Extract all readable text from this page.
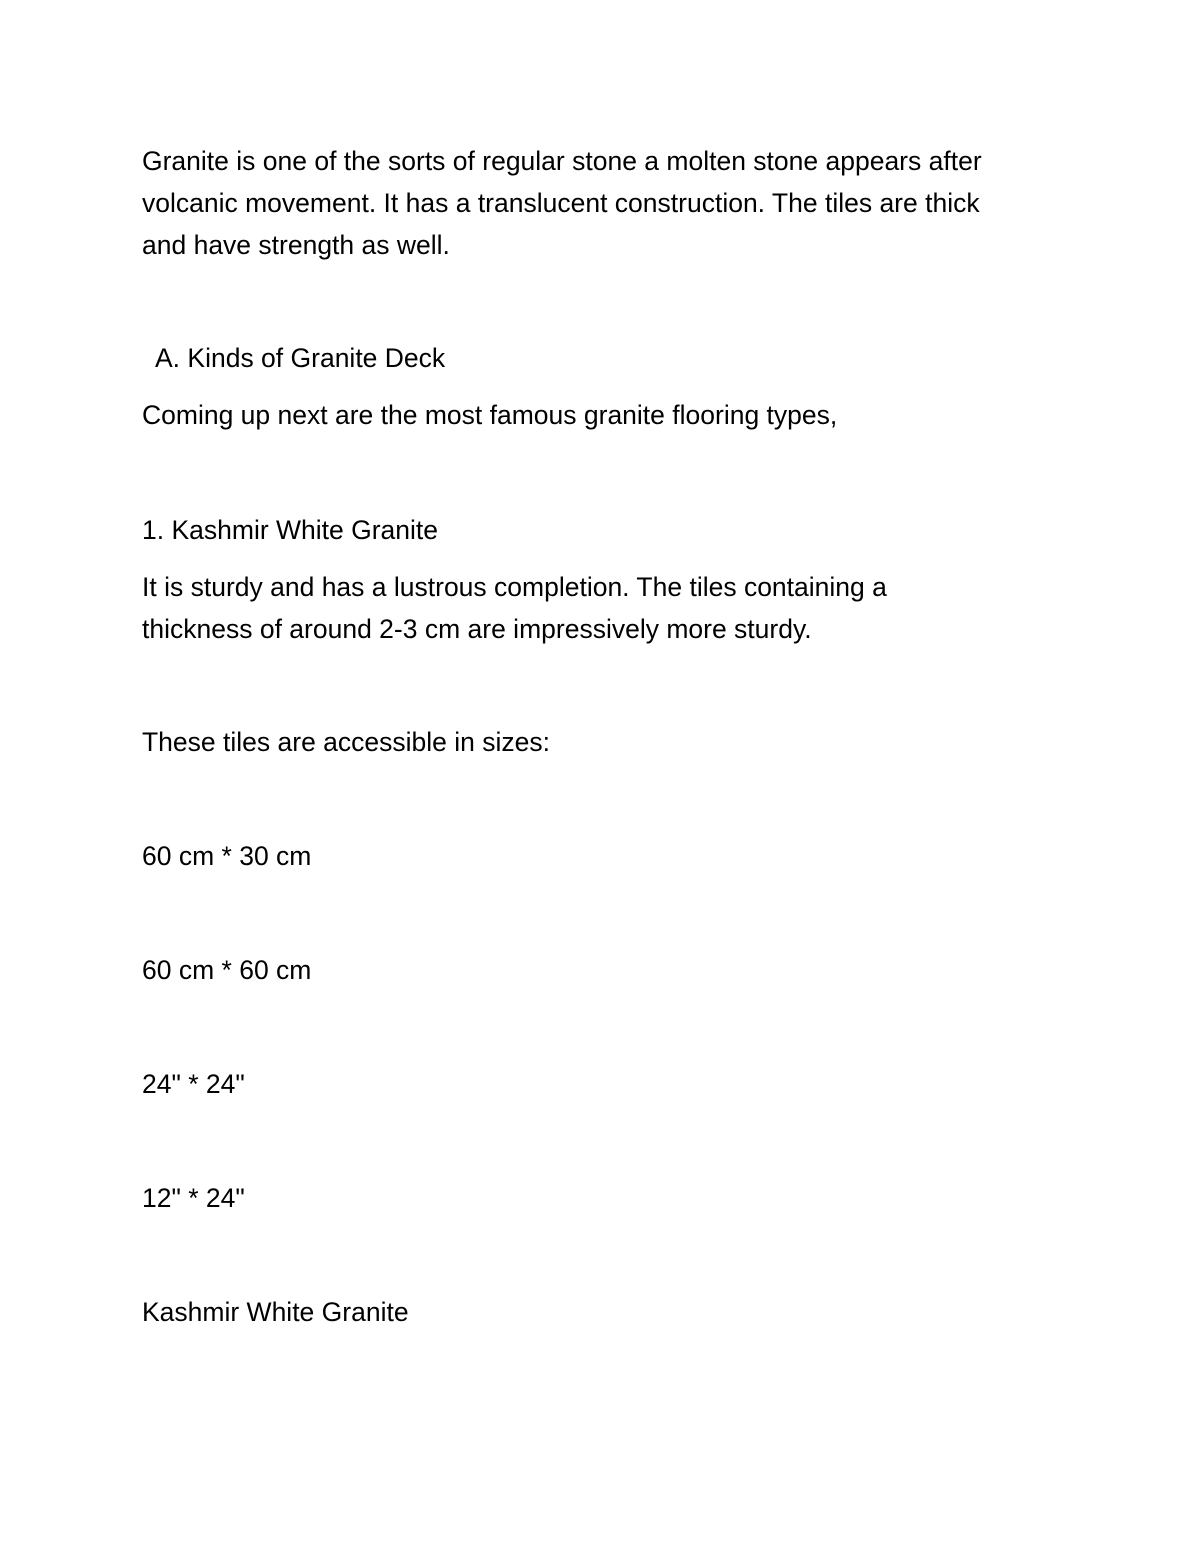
Granite is one of the sorts of regular stone a molten stone appears after

volcanic movement. It has a translucent construction. The tiles are thick

and have strength as well.

A. Kinds of Granite Deck

Coming up next are the most famous granite flooring types,

1. Kashmir White Granite

It is sturdy and has a lustrous completion. The tiles containing a

thickness of around 2-3 cm are impressively more sturdy.

These tiles are accessible in sizes:

60 cm * 30 cm

60 cm * 60 cm

24" * 24"

12" * 24"

Kashmir White Granite
